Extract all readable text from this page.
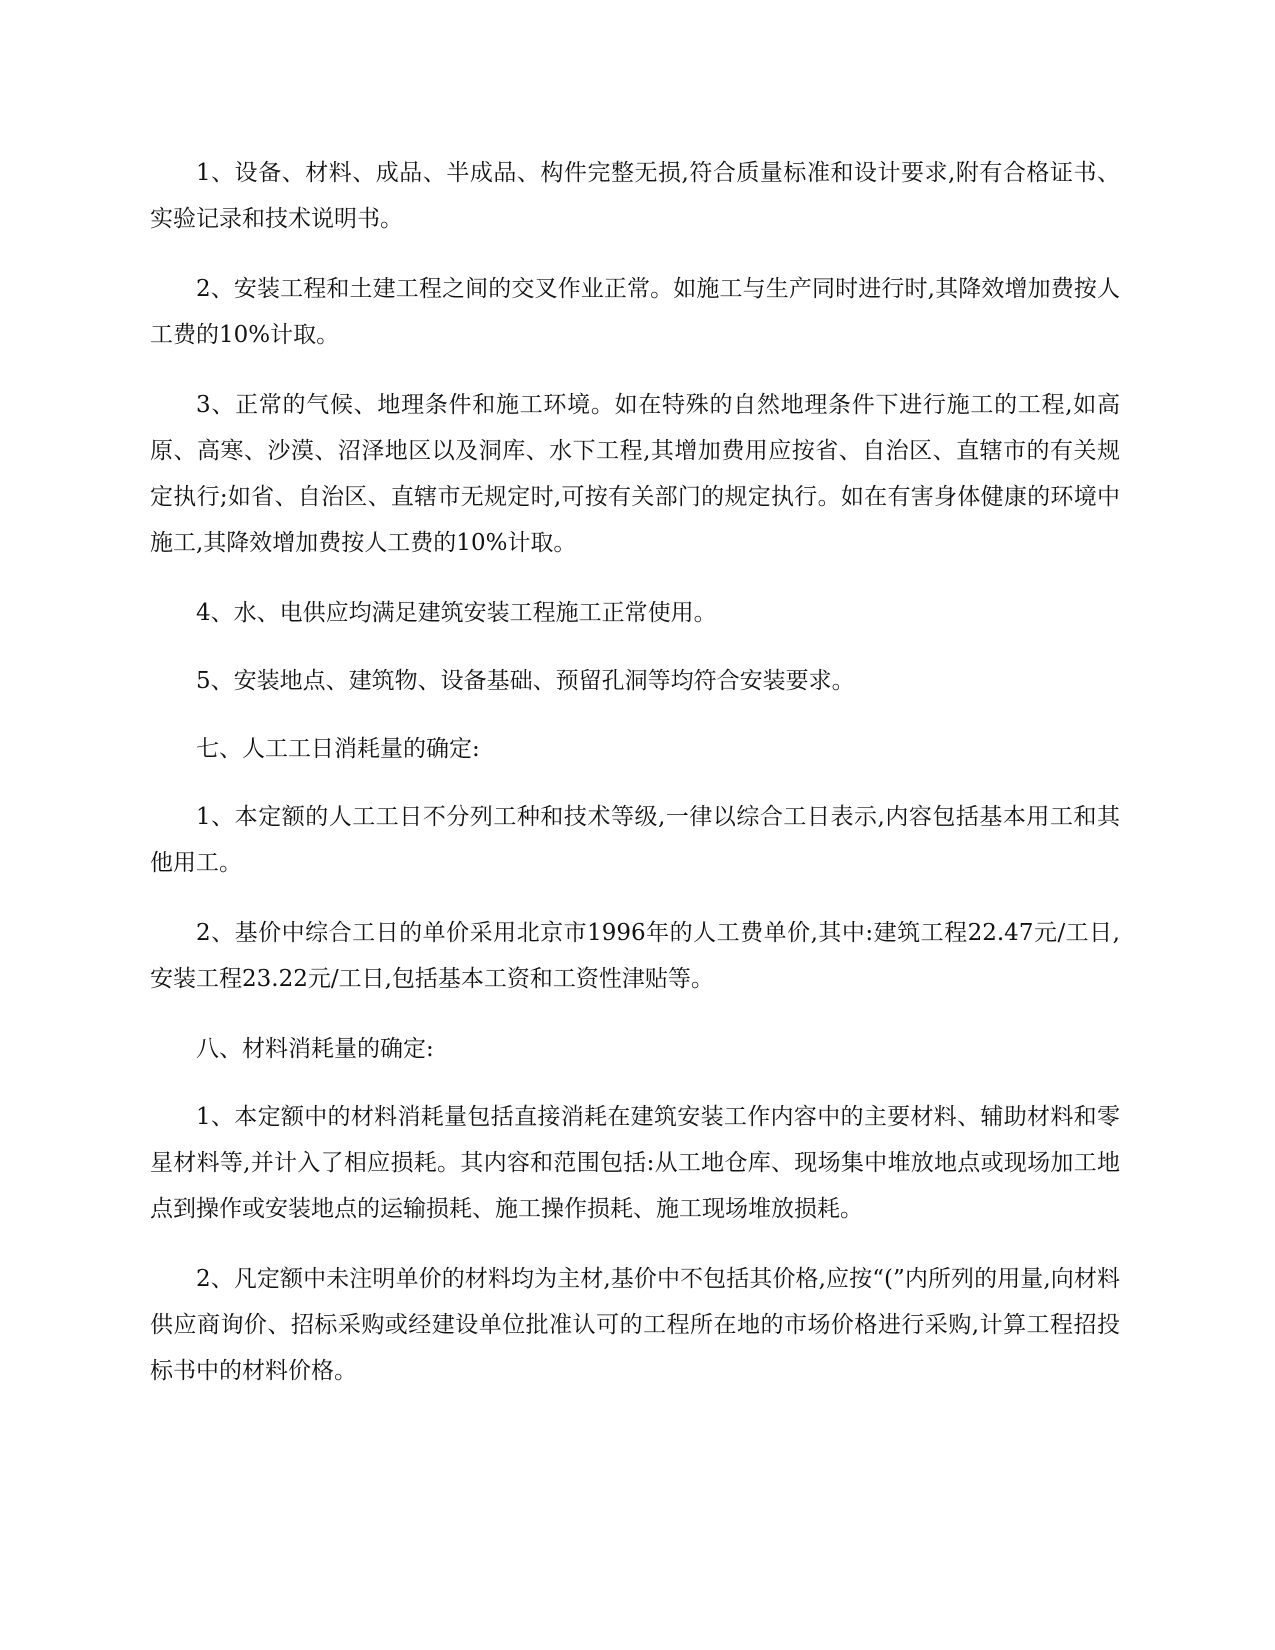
1、设备、材料、成品、半成品、构件完整无损,符合质量标准和设计要求,附有合格证书、实验记录和技术说明书。

2、安装工程和土建工程之间的交叉作业正常。如施工与生产同时进行时,其降效增加费按人工费的10%计取。

3、正常的气候、地理条件和施工环境。如在特殊的自然地理条件下进行施工的工程,如高原、高寒、沙漠、沼泽地区以及洞库、水下工程,其增加费用应按省、自治区、直辖市的有关规定执行;如省、自治区、直辖市无规定时,可按有关部门的规定执行。如在有害身体健康的环境中施工,其降效增加费按人工费的10%计取。

4、水、电供应均满足建筑安装工程施工正常使用。

5、安装地点、建筑物、设备基础、预留孔洞等均符合安装要求。

七、人工工日消耗量的确定:

1、本定额的人工工日不分列工种和技术等级,一律以综合工日表示,内容包括基本用工和其他用工。

2、基价中综合工日的单价采用北京市1996年的人工费单价,其中:建筑工程22.47元/工日,安装工程23.22元/工日,包括基本工资和工资性津贴等。

八、材料消耗量的确定:

1、本定额中的材料消耗量包括直接消耗在建筑安装工作内容中的主要材料、辅助材料和零星材料等,并计入了相应损耗。其内容和范围包括:从工地仓库、现场集中堆放地点或现场加工地点到操作或安装地点的运输损耗、施工操作损耗、施工现场堆放损耗。

2、凡定额中未注明单价的材料均为主材,基价中不包括其价格,应按“(”内所列的用量,向材料供应商询价、招标采购或经建设单位批准认可的工程所在地的市场价格进行采购,计算工程招投标书中的材料价格。
